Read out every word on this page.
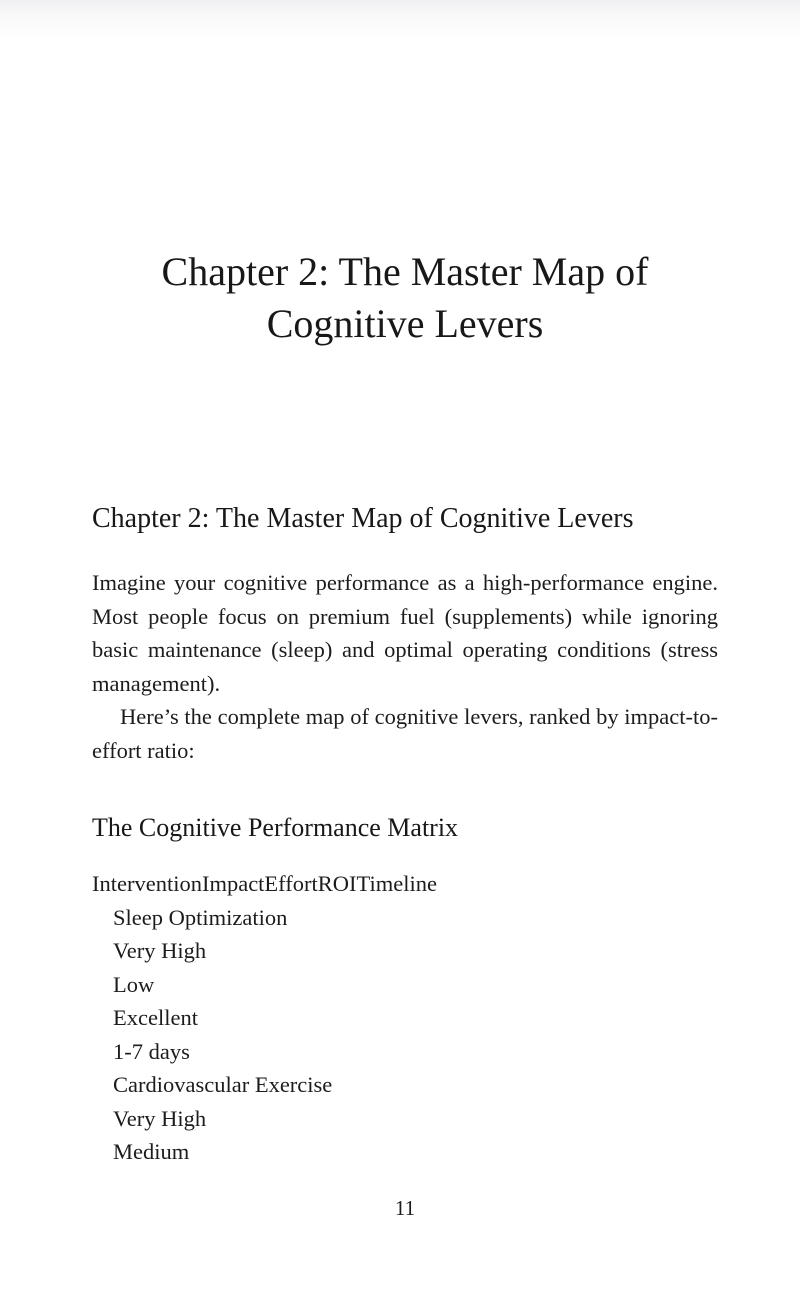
Chapter 2: The Master Map of
Cognitive Levers
Chapter 2: The Master Map of Cognitive Levers

Imagine your cognitive performance as a high-performance engine. Most people focus on premium fuel (supplements) while ignoring basic maintenance (sleep) and optimal operating conditions (stress management).

Here’s the complete map of cognitive levers, ranked by impact-to-effort ratio:

The Cognitive Performance Matrix
InterventionImpactEffortROITimeline
Sleep Optimization
Very High
Low
Excellent
1-7 days
Cardiovascular Exercise
Very High
Medium
11
